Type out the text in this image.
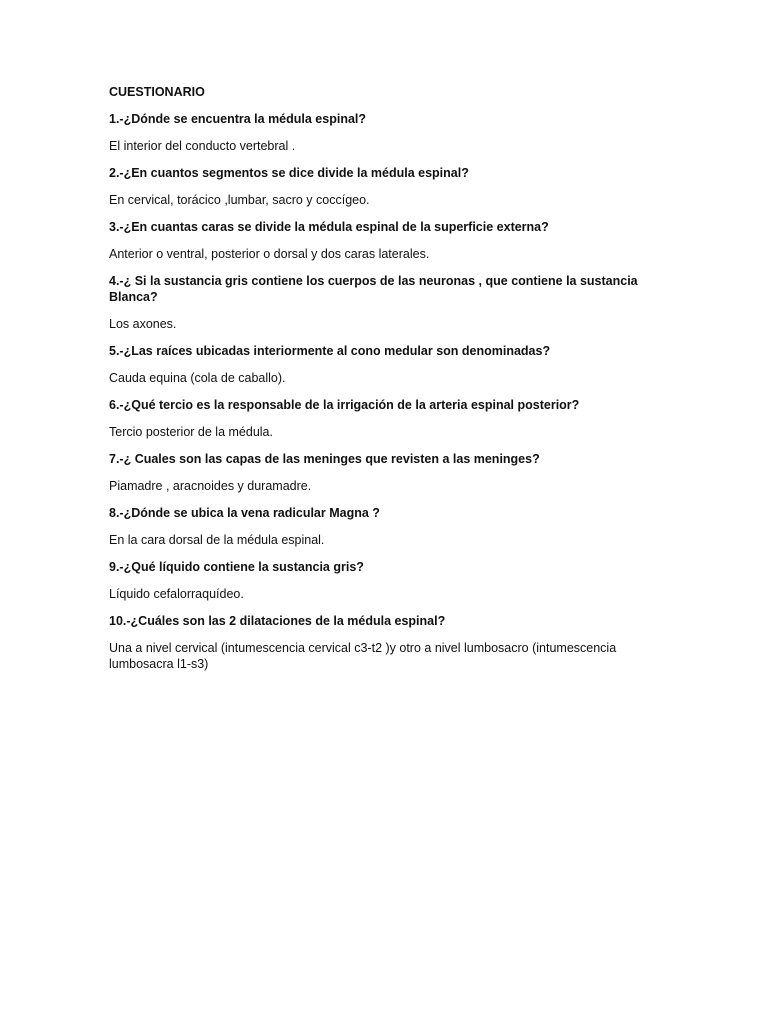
CUESTIONARIO

1.-¿Dónde se encuentra la médula espinal?

El interior del conducto vertebral .

2.-¿En cuantos segmentos se dice divide la médula espinal?

En cervical, torácico ,lumbar, sacro y coccígeo.

3.-¿En cuantas caras se divide la médula espinal de la superficie externa?

Anterior o ventral, posterior o dorsal y dos caras laterales.

4.-¿ Si la sustancia gris contiene los cuerpos de las neuronas , que contiene la sustancia Blanca?

Los axones.

5.-¿Las raíces ubicadas interiormente al cono medular son denominadas?

Cauda equina (cola de caballo).

6.-¿Qué tercio es la responsable de la irrigación de la arteria espinal posterior?

Tercio posterior de la médula.

7.-¿ Cuales son las capas de las meninges que revisten a las meninges?

Piamadre , aracnoides y duramadre.

8.-¿Dónde se ubica la vena radicular Magna ?

En la cara dorsal de la médula espinal.

9.-¿Qué líquido contiene la sustancia gris?

Líquido cefalorraquídeo.

10.-¿Cuáles son las 2 dilataciones de la médula espinal?

Una a nivel cervical (intumescencia cervical c3-t2 )y otro a nivel lumbosacro (intumescencia lumbosacra l1-s3)
